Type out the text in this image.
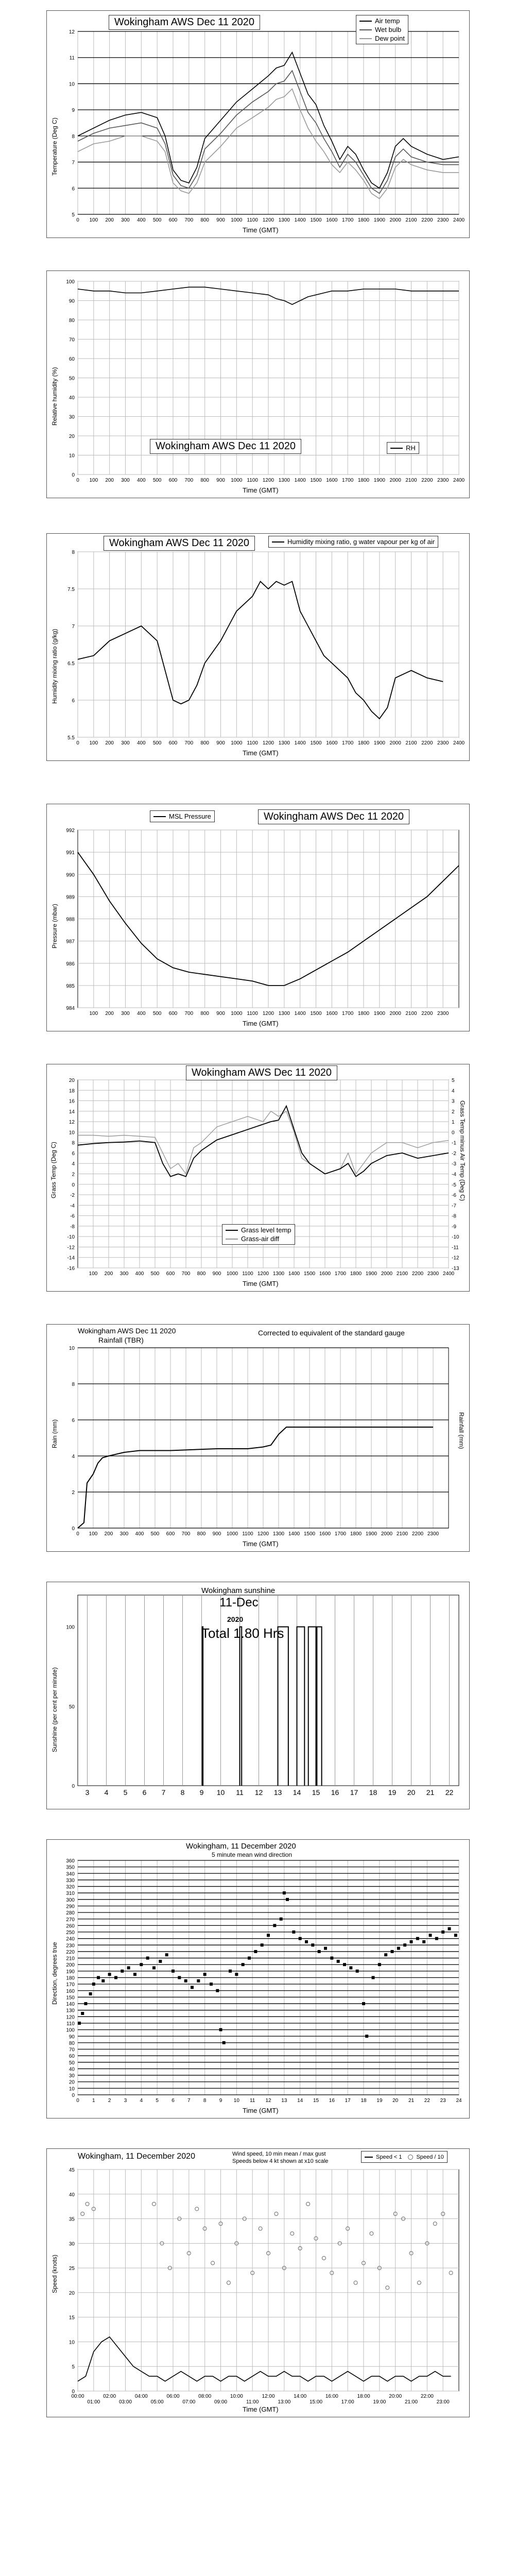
0 100 200 300 400 500 600 700 800 900 1000 1100 1200 1300 1400 1500 1600 1700 1800 1900 2000 2100 2200 2300 2400
5
6
7
8
9
10
11
12
Wokingham AWS Dec 11 2020	Air temp
Wet bulb
Dew point
Temperature (Deg C)
Time (GMT)
0 100 200 300 400 500 600 700 800 900 1000 1100 1200 1300 1400 1500 1600 1700 1800 1900 2000 2100 2200 2300 2400
0
10
20
30
40
50
60
70
80
90
100
Wokingham AWS Dec 11 2020	RH
Relative humidity (%)
Time (GMT)
0 100 200 300 400 500 600 700 800 900 1000 1100 1200 1300 1400 1500 1600 1700 1800 1900 2000 2100 2200 2300 2400
5.5
6
6.5
7
7.5
8
Wokingham AWS Dec 11 2020	Humidity mixing ratio, g water vapour per kg of air
Humidity mixing ratio (g/kg)
Time (GMT)
100 200 300 400 500 600 700 800 900 1000 1100 1200 1300 1400 1500 1600 1700 1800 1900 2000 2100 2200 2300
984
985
986
987
988
989
990
991
992
MSL Pressure	Wokingham AWS Dec 11 2020
Pressure (mbar)
Time (GMT)
100 200 300 400 500 600 700 800 900 1000 1100 1200 1300 1400 1500 1600 1700 1800 1900 2000 2100 2200 2300 2400
-16
-14
-12
-10
-8
-6
-4
-2
0
2
4
6
8
10
12
14
16
18
20
-13
-12
-11
-10
-9
-8
-7
-6
-5
-4
-3
-2
-1
0
1
2
3
4
5
Wokingham AWS Dec 11 2020
Grass level temp
Grass-air diff
Grass Temp (Deg C)	Grass Temp minus Air Temp (Deg C)
Time (GMT)
0 100 200 300 400 500 600 700 800 900 1000 1100 1200 1300 1400 1500 1600 1700 1800 1900 2000 2100 2200 2300
0
2
4
6
8
10
Wokingham AWS Dec 11 2020
Rainfall (TBR)
Corrected to equivalent of the standard gauge
Rain (mm)	Rainfall (mm)
Time (GMT)
3 4 5 6 7 8 9 10 11 12 13 14 15 16 17 18 19 20 21 22
0
50
100
Wokingham sunshine
11-Dec
2020
Total 1.80 Hrs
Sunshine (per cent per minute)
0	1	2	3	4	5	6	7	8	9 10 11 12 13 14 15 16 17 18 19 20 21 22 23 24
0
10
20
30
40
50
60
70
80
90
100
110
120
130
140
150
160
170
180
190
200
210
220
230
240
250
260
270
280
290
300
310
320
330
340
350
360
Wokingham, 11 December 2020
5 minute mean wind direction
Direction, degrees true
Time (GMT)
00:00
01:00
02:00
03:00
04:00
05:00
06:00
07:00
08:00
09:00
10:00
11:00
12:00
13:00
14:00
15:00
16:00
17:00
18:00
19:00
20:00
21:00
22:00
23:00
0
5
10
15
20
25
30
35
40
45
Wokingham, 11 December 2020	Wind speed, 10 min mean / max gust
Speeds below 4 kt shown at x10 scale
Speed < 1	Speed / 10
Speed (knots)
Time (GMT)
